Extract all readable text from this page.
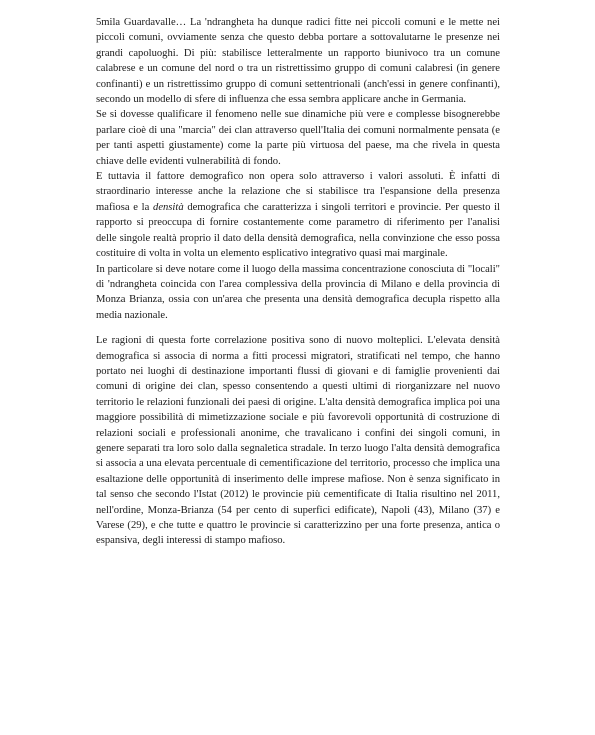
5mila Guardavalle… La 'ndrangheta ha dunque radici fitte nei piccoli comuni e le mette nei piccoli comuni, ovviamente senza che questo debba portare a sottovalutarne le presenze nei grandi capoluoghi. Di più: stabilisce letteralmente un rapporto biunivoco tra un comune calabrese e un comune del nord o tra un ristrettissimo gruppo di comuni calabresi (in genere confinanti) e un ristrettissimo gruppo di comuni settentrionali (anch'essi in genere confinanti), secondo un modello di sfere di influenza che essa sembra applicare anche in Germania.

Se si dovesse qualificare il fenomeno nelle sue dinamiche più vere e complesse bisognerebbe parlare cioè di una "marcia" dei clan attraverso quell'Italia dei comuni normalmente pensata (e per tanti aspetti giustamente) come la parte più virtuosa del paese, ma che rivela in questa chiave delle evidenti vulnerabilità di fondo.

E tuttavia il fattore demografico non opera solo attraverso i valori assoluti. È infatti di straordinario interesse anche la relazione che si stabilisce tra l'espansione della presenza mafiosa e la densità demografica che caratterizza i singoli territori e provincie. Per questo il rapporto si preoccupa di fornire costantemente come parametro di riferimento per l'analisi delle singole realtà proprio il dato della densità demografica, nella convinzione che esso possa costituire di volta in volta un elemento esplicativo integrativo quasi mai marginale.

In particolare si deve notare come il luogo della massima concentrazione conosciuta di "locali" di 'ndrangheta coincida con l'area complessiva della provincia di Milano e della provincia di Monza Brianza, ossia con un'area che presenta una densità demografica decupla rispetto alla media nazionale.

Le ragioni di questa forte correlazione positiva sono di nuovo molteplici. L'elevata densità demografica si associa di norma a fitti processi migratori, stratificati nel tempo, che hanno portato nei luoghi di destinazione importanti flussi di giovani e di famiglie provenienti dai comuni di origine dei clan, spesso consentendo a questi ultimi di riorganizzare nel nuovo territorio le relazioni funzionali dei paesi di origine. L'alta densità demografica implica poi una maggiore possibilità di mimetizzazione sociale e più favorevoli opportunità di costruzione di relazioni sociali e professionali anonime, che travalicano i confini dei singoli comuni, in genere separati tra loro solo dalla segnaletica stradale. In terzo luogo l'alta densità demografica si associa a una elevata percentuale di cementificazione del territorio, processo che implica una esaltazione delle opportunità di inserimento delle imprese mafiose. Non è senza significato in tal senso che secondo l'Istat (2012) le provincie più cementificate di Italia risultino nel 2011, nell'ordine, Monza-Brianza (54 per cento di superfici edificate), Napoli (43), Milano (37) e Varese (29), e che tutte e quattro le provincie si caratterizzino per una forte presenza, antica o espansiva, degli interessi di stampo mafioso.
